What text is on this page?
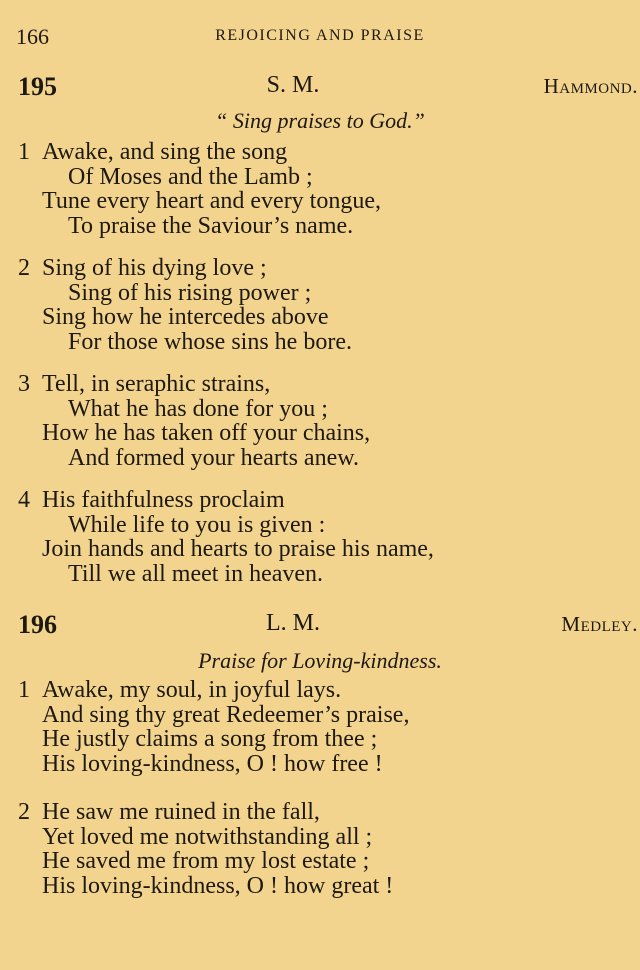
166	REJOICING AND PRAISE
195	S. M.	Hammond.
“ Sing praises to God.”
1 Awake, and sing the song
Of Moses and the Lamb ;
Tune every heart and every tongue,
To praise the Saviour’s name.
2 Sing of his dying love ;
Sing of his rising power ;
Sing how he intercedes above
For those whose sins he bore.
3 Tell, in seraphic strains,
What he has done for you ;
How he has taken off your chains,
And formed your hearts anew.
4 His faithfulness proclaim
While life to you is given :
Join hands and hearts to praise his name,
Till we all meet in heaven.
196	L. M.	Medley.
Praise for Loving-kindness.
1 Awake, my soul, in joyful lays.
And sing thy great Redeemer’s praise,
He justly claims a song from thee ;
His loving-kindness, O ! how free !
2 He saw me ruined in the fall,
Yet loved me notwithstanding all ;
He saved me from my lost estate ;
His loving-kindness, O ! how great !
